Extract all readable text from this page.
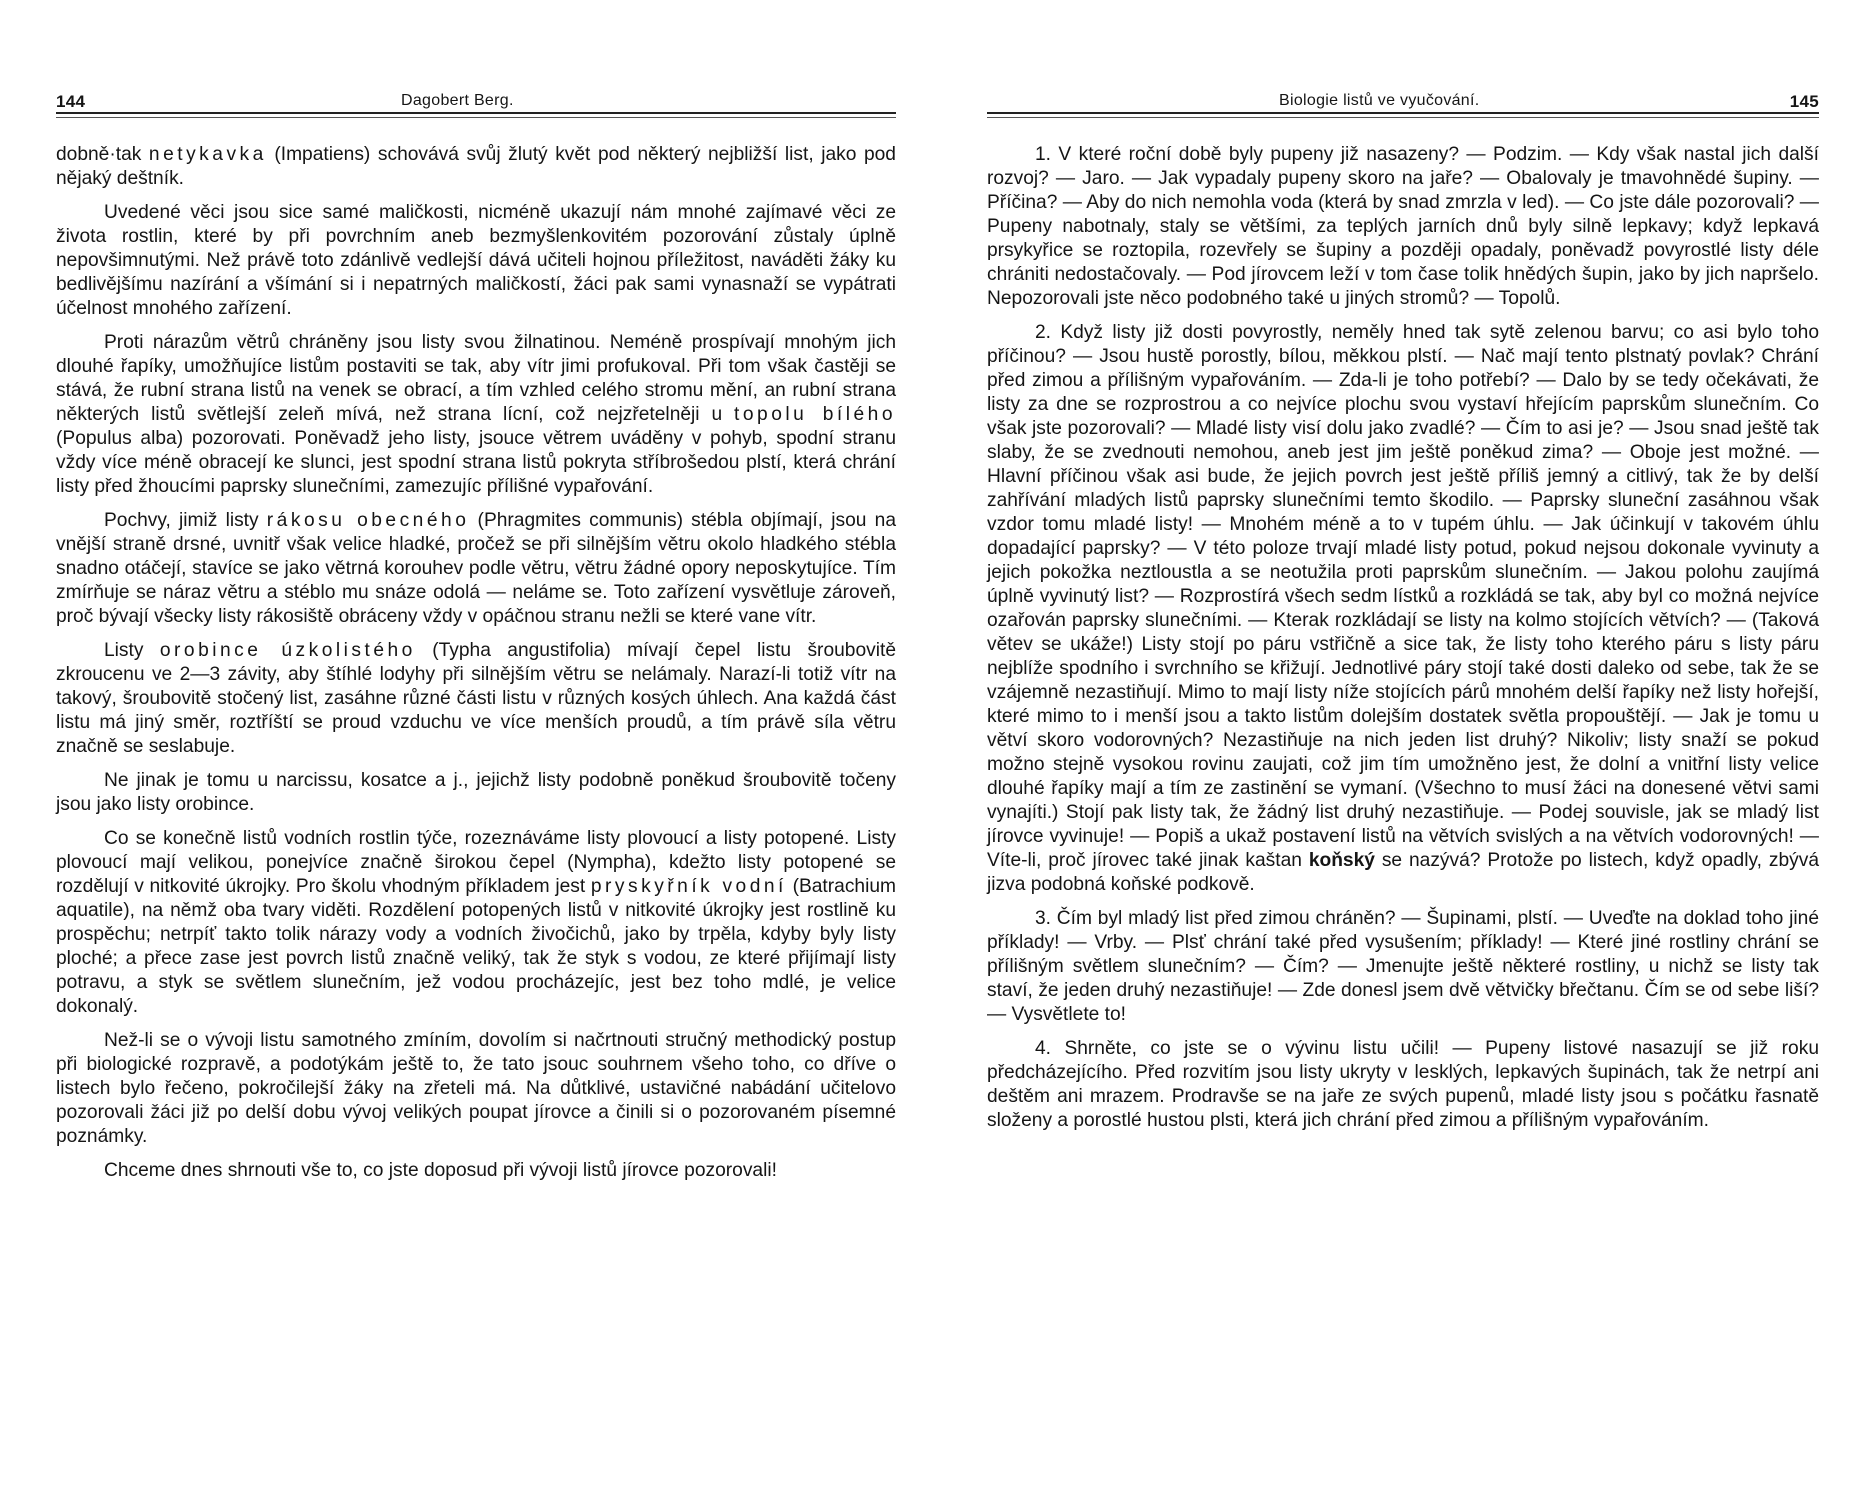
144	Dagobert Berg.

dobně·tak netykavka (Impatiens) schovává svůj žlutý květ pod některý nejbližší list, jako pod nějaký deštník.

Uvedené věci jsou sice samé maličkosti, nicméně ukazují nám mnohé zajímavé věci ze života rostlin, které by při povrchním aneb bezmyšlenkovitém pozorování zůstaly úplně nepovšimnutými. Než právě toto zdánlivě vedlejší dává učiteli hojnou příležitost, naváděti žáky ku bedlivějšímu nazírání a všímání si i nepatrných maličkostí, žáci pak sami vynasnaží se vypátrati účelnost mnohého zařízení.

Proti nárazům větrů chráněny jsou listy svou žilnatinou. Neméně prospívají mnohým jich dlouhé řapíky, umožňujíce listům postaviti se tak, aby vítr jimi profukoval. Při tom však častěji se stává, že rubní strana listů na venek se obrací, a tím vzhled celého stromu mění, an rubní strana některých listů světlejší zeleň mívá, než strana lícní, což nejzřetelněji u topolu bílého (Populus alba) pozorovati. Poněvadž jeho listy, jsouce větrem uváděny v pohyb, spodní stranu vždy více méně obracejí ke slunci, jest spodní strana listů pokryta stříbrošedou plstí, která chrání listy před žhoucími paprsky slunečními, zamezujíc přílišné vypařování.

Pochvy, jimiž listy rákosu obecného (Phragmites communis) stébla objímají, jsou na vnější straně drsné, uvnitř však velice hladké, pročež se při silnějším větru okolo hladkého stébla snadno otáčejí, stavíce se jako větrná korouhev podle větru, větru žádné opory neposkytujíce. Tím zmírňuje se náraz větru a stéblo mu snáze odolá — neláme se. Toto zařízení vysvětluje zároveň, proč bývají všecky listy rákosiště obráceny vždy v opáčnou stranu nežli se které vane vítr.

Listy orobince úzkolistého (Typha angustifolia) mívají čepel listu šroubovitě zkroucenu ve 2—3 závity, aby štíhlé lodyhy při silnějším větru se nelámaly. Narazí-li totiž vítr na takový, šroubovitě stočený list, zasáhne různé části listu v různých kosých úhlech. Ana každá část listu má jiný směr, roztříští se proud vzduchu ve více menších proudů, a tím právě síla větru značně se seslabuje.

Ne jinak je tomu u narcissu, kosatce a j., jejichž listy podobně poněkud šroubovitě točeny jsou jako listy orobince.

Co se konečně listů vodních rostlin týče, rozeznáváme listy plovoucí a listy potopené. Listy plovoucí mají velikou, ponejvíce značně širokou čepel (Nympha), kdežto listy potopené se rozdělují v nitkovité úkrojky. Pro školu vhodným příkladem jest pryskyřník vodní (Batrachium aquatile), na němž oba tvary viděti. Rozdělení potopených listů v nitkovité úkrojky jest rostlině ku prospěchu; netrpíť takto tolik nárazy vody a vodních živočichů, jako by trpěla, kdyby byly listy ploché; a přece zase jest povrch listů značně veliký, tak že styk s vodou, ze které přijímají listy potravu, a styk se světlem slunečním, jež vodou procházejíc, jest bez toho mdlé, je velice dokonalý.

Než-li se o vývoji listu samotného zmíním, dovolím si načrtnouti stručný methodický postup při biologické rozpravě, a podotýkám ještě to, že tato jsouc souhrnem všeho toho, co dříve o listech bylo řečeno, pokročilejší žáky na zřeteli má. Na důtklivé, ustavičné nabádání učitelovo pozorovali žáci již po delší dobu vývoj velikých poupat jírovce a činili si o pozorovaném písemné poznámky.

Chceme dnes shrnouti vše to, co jste doposud při vývoji listů jírovce pozorovali!

Biologie listů ve vyučování.	145

1. V které roční době byly pupeny již nasazeny? — Podzim. — Kdy však nastal jich další rozvoj? — Jaro. — Jak vypadaly pupeny skoro na jaře? — Obalovaly je tmavohnědé šupiny. — Příčina? — Aby do nich nemohla voda (která by snad zmrzla v led). — Co jste dále pozorovali? — Pupeny nabotnaly, staly se většími, za teplých jarních dnů byly silně lepkavy; když lepkavá prsykyřice se roztopila, rozevřely se šupiny a později opadaly, poněvadž povyrostlé listy déle chrániti nedostačovaly. — Pod jírovcem leží v tom čase tolik hnědých šupin, jako by jich napršelo. Nepozorovali jste něco podobného také u jiných stromů? — Topolů.

2. Když listy již dosti povyrostly, neměly hned tak sytě zelenou barvu; co asi bylo toho příčinou? — Jsou hustě porostly, bílou, měkkou plstí. — Nač mají tento plstnatý povlak? Chrání před zimou a přílišným vypařováním. — Zda-li je toho potřebí? — Dalo by se tedy očekávati, že listy za dne se rozprostrou a co nejvíce plochu svou vystaví hřejícím paprskům slunečním. Co však jste pozorovali? — Mladé listy visí dolu jako zvadlé? — Čím to asi je? — Jsou snad ještě tak slaby, že se zvednouti nemohou, aneb jest jim ještě poněkud zima? — Oboje jest možné. — Hlavní příčinou však asi bude, že jejich povrch jest ještě příliš jemný a citlivý, tak že by delší zahřívání mladých listů paprsky slunečními temto škodilo. — Paprsky sluneční zasáhnou však vzdor tomu mladé listy! — Mnohém méně a to v tupém úhlu. — Jak účinkují v takovém úhlu dopadající paprsky? — V této poloze trvají mladé listy potud, pokud nejsou dokonale vyvinuty a jejich pokožka neztloustla a se neotužila proti paprskům slunečním. — Jakou polohu zaujímá úplně vyvinutý list? — Rozprostírá všech sedm lístků a rozkládá se tak, aby byl co možná nejvíce ozařován paprsky slunečními. — Kterak rozkládají se listy na kolmo stojících větvích? — (Taková větev se ukáže!) Listy stojí po páru vstřičně a sice tak, že listy toho kterého páru s listy páru nejblíže spodního i svrchního se křižují. Jednotlivé páry stojí také dosti daleko od sebe, tak že se vzájemně nezastiňují. Mimo to mají listy níže stojících párů mnohém delší řapíky než listy hořejší, které mimo to i menší jsou a takto listům dolejším dostatek světla propouštějí. — Jak je tomu u větví skoro vodorovných? Nezastiňuje na nich jeden list druhý? Nikoliv; listy snaží se pokud možno stejně vysokou rovinu zaujati, což jim tím umožněno jest, že dolní a vnitřní listy velice dlouhé řapíky mají a tím ze zastinění se vymaní. (Všechno to musí žáci na donesené větvi sami vynajíti.) Stojí pak listy tak, že žádný list druhý nezastiňuje. — Podej souvisle, jak se mladý list jírovce vyvinuje! — Popiš a ukaž postavení listů na větvích svislých a na větvích vodorovných! — Víte-li, proč jírovec také jinak kaštan koňský se nazývá? Protože po listech, když opadly, zbývá jizva podobná koňské podkově.

3. Čím byl mladý list před zimou chráněn? — Šupinami, plstí. — Uveďte na doklad toho jiné příklady! — Vrby. — Plsť chrání také před vysušením; příklady! — Které jiné rostliny chrání se přílišným světlem slunečním? — Čím? — Jmenujte ještě některé rostliny, u nichž se listy tak staví, že jeden druhý nezastiňuje! — Zde donesl jsem dvě větvičky břečtanu. Čím se od sebe liší? — Vysvětlete to!

4. Shrněte, co jste se o vývinu listu učili! — Pupeny listové nasazují se již roku předcházejícího. Před rozvitím jsou listy ukryty v lesklých, lepkavých šupinách, tak že netrpí ani deštěm ani mrazem. Prodravše se na jaře ze svých pupenů, mladé listy jsou s počátku řasnatě složeny a porostlé hustou plsti, která jich chrání před zimou a přílišným vypařováním.
